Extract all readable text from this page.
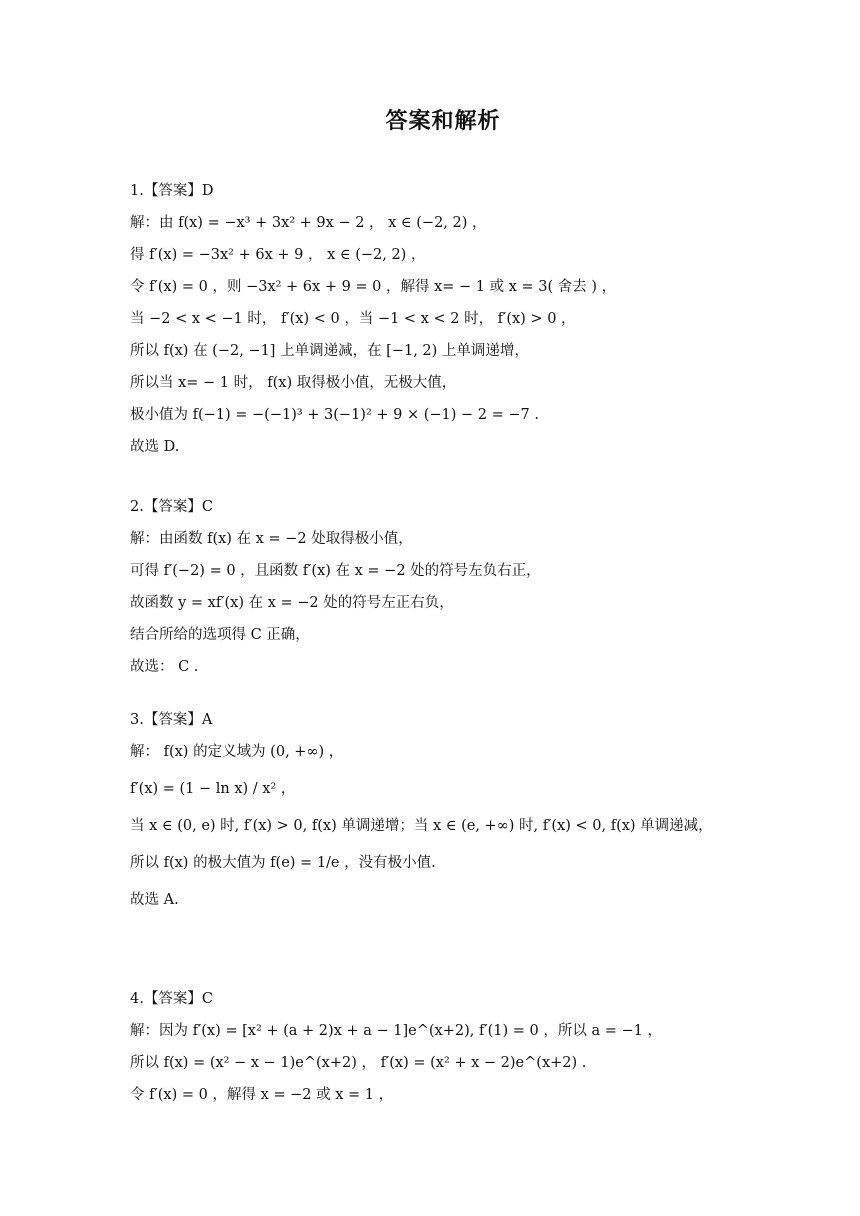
答案和解析
1.【答案】D
解：由 f(x) = −x³ + 3x² + 9x − 2 ， x ∈ (−2, 2) ，
得 f′(x) = −3x² + 6x + 9 ， x ∈ (−2, 2) ，
令 f′(x) = 0 ，则 −3x² + 6x + 9 = 0 ，解得 x= − 1 或 x = 3( 舍去 ) ，
当 −2 < x < −1 时， f′(x) < 0 ，当 −1 < x < 2 时， f′(x) > 0 ，
所以 f(x) 在 (−2, −1] 上单调递减，在 [−1, 2) 上单调递增，
所以当 x= − 1 时， f(x) 取得极小值，无极大值，
极小值为 f(−1) = −(−1)³ + 3(−1)² + 9 × (−1) − 2 = −7 .
故选 D.
2.【答案】C
解：由函数 f(x) 在 x = −2 处取得极小值，
可得 f′(−2) = 0 ，且函数 f′(x) 在 x = −2 处的符号左负右正，
故函数 y = xf′(x) 在 x = −2 处的符号左正右负，
结合所给的选项得 C 正确，
故选： C .
3.【答案】A
解： f(x) 的定义域为 (0, +∞) ，
f′(x) = (1 − ln x) / x² ，
当 x ∈ (0, e) 时, f′(x) > 0, f(x) 单调递增；当 x ∈ (e, +∞) 时, f′(x) < 0, f(x) 单调递减，
所以 f(x) 的极大值为 f(e) = 1/e ，没有极小值.
故选 A.
4.【答案】C
解：因为 f′(x) = [x² + (a + 2)x + a − 1]e^(x+2), f′(1) = 0 ，所以 a = −1 ，
所以 f(x) = (x² − x − 1)e^(x+2) ， f′(x) = (x² + x − 2)e^(x+2) .
令 f′(x) = 0 ，解得 x = −2 或 x = 1 ，
